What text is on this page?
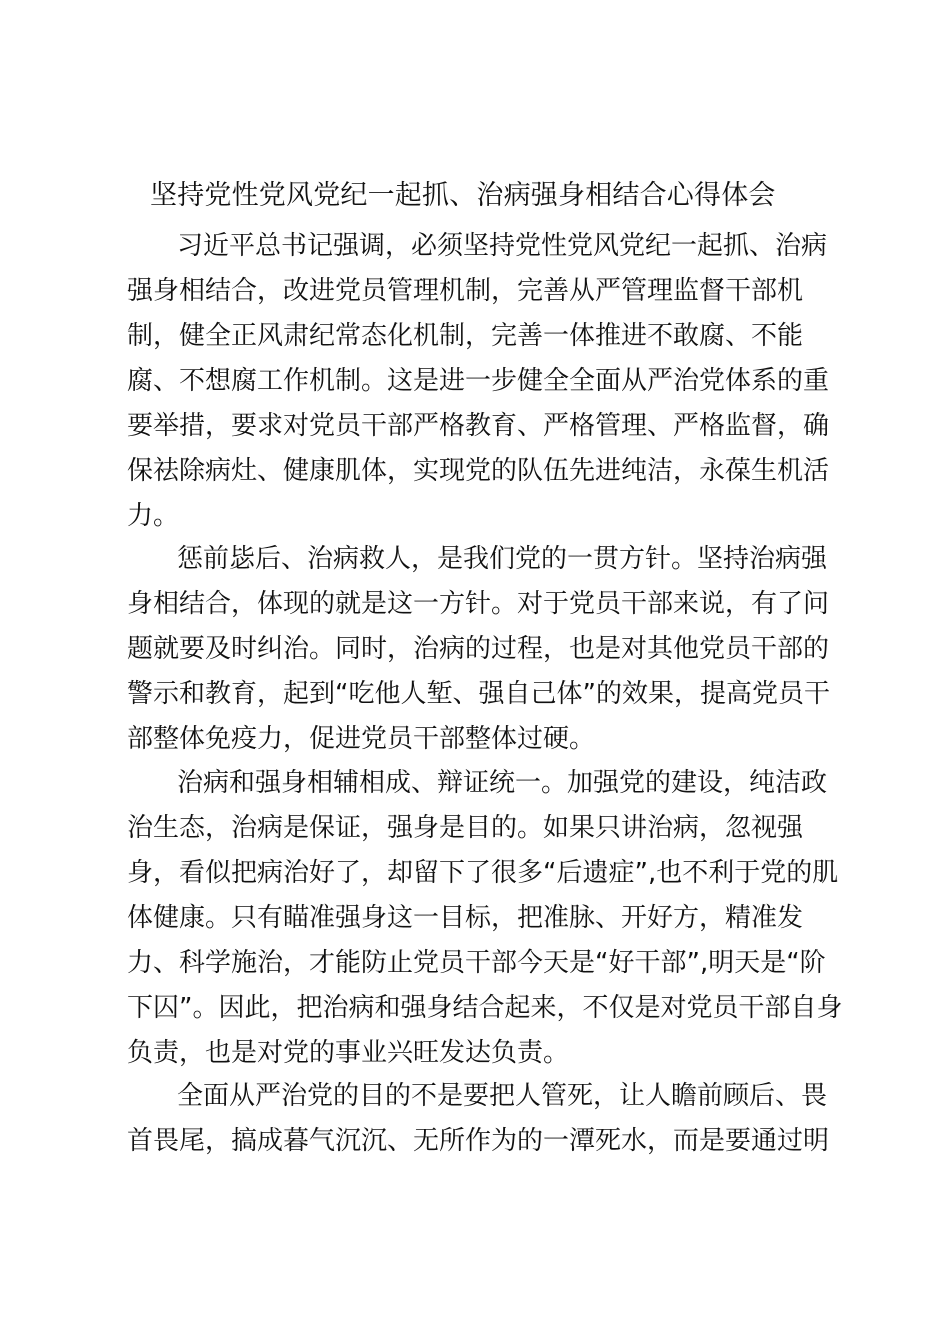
坚持党性党风党纪一起抓、治病强身相结合心得体会
习近平总书记强调，必须坚持党性党风党纪一起抓、治病
强身相结合，改进党员管理机制，完善从严管理监督干部机
制，健全正风肃纪常态化机制，完善一体推进不敢腐、不能
腐、不想腐工作机制。这是进一步健全全面从严治党体系的重
要举措，要求对党员干部严格教育、严格管理、严格监督，确
保祛除病灶、健康肌体，实现党的队伍先进纯洁，永葆生机活
力。
惩前毖后、治病救人，是我们党的一贯方针。坚持治病强
身相结合，体现的就是这一方针。对于党员干部来说，有了问
题就要及时纠治。同时，治病的过程，也是对其他党员干部的
警示和教育，起到“吃他人堑、强自己体”的效果，提高党员干
部整体免疫力，促进党员干部整体过硬。
治病和强身相辅相成、辩证统一。加强党的建设，纯洁政
治生态，治病是保证，强身是目的。如果只讲治病，忽视强
身，看似把病治好了，却留下了很多“后遗症”,也不利于党的肌
体健康。只有瞄准强身这一目标，把准脉、开好方，精准发
力、科学施治，才能防止党员干部今天是“好干部”,明天是“阶
下囚”。因此，把治病和强身结合起来，不仅是对党员干部自身
负责，也是对党的事业兴旺发达负责。
全面从严治党的目的不是要把人管死，让人瞻前顾后、畏
首畏尾，搞成暮气沉沉、无所作为的一潭死水，而是要通过明
